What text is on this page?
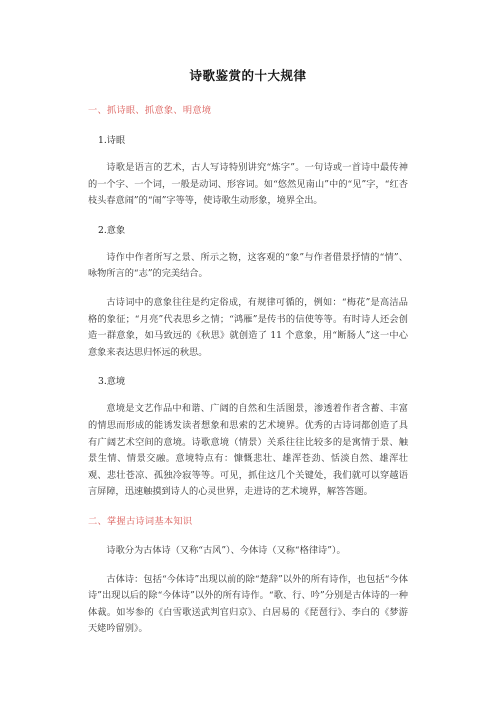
诗歌鉴赏的十大规律
一、抓诗眼、抓意象、明意境
1.诗眼

诗歌是语言的艺术，古人写诗特别讲究“炼字”。一句诗或一首诗中最传神的一个字、一个词，一般是动词、形容词。如“悠然见南山”中的“见”字，“红杏枝头春意闹”的“闹”字等等，使诗歌生动形象，境界全出。

2.意象

诗作中作者所写之景、所示之物，这客观的“象”与作者借景抒情的“情”、咏物所言的“志”的完美结合。

古诗词中的意象往往是约定俗成，有规律可循的，例如：“梅花”是高洁品格的象征；“月亮”代表思乡之情；“鸿雁”是传书的信使等等。有时诗人还会创造一群意象，如马致远的《秋思》就创造了 11 个意象，用“断肠人”这一中心意象来表达思归怀远的秋思。

3.意境

意境是文艺作品中和谐、广阔的自然和生活图景，渗透着作者含蓄、丰富的情思而形成的能诱发读者想象和思索的艺术境界。优秀的古诗词都创造了具有广阔艺术空间的意境。诗歌意境（情景）关系往往比较多的是寓情于景、触景生情、情景交融。意境特点有：慷慨悲壮、雄浑苍劲、恬淡自然、雄浑壮观、悲壮苍凉、孤独冷寂等等。可见，抓住这几个关键处，我们就可以穿越语言屏障，迅速触摸到诗人的心灵世界，走进诗的艺术境界，解答答题。

二、掌握古诗词基本知识

诗歌分为古体诗（又称“古风”）、今体诗（又称“格律诗”）。

古体诗：包括“今体诗”出现以前的除“楚辞”以外的所有诗作，也包括“今体诗”出现以后的除“今体诗”以外的所有诗作。“歌、行、吟”分别是古体诗的一种体裁。如岑参的《白雪歌送武判官归京》、白居易的《琵琶行》、李白的《梦游天姥吟留别》。
